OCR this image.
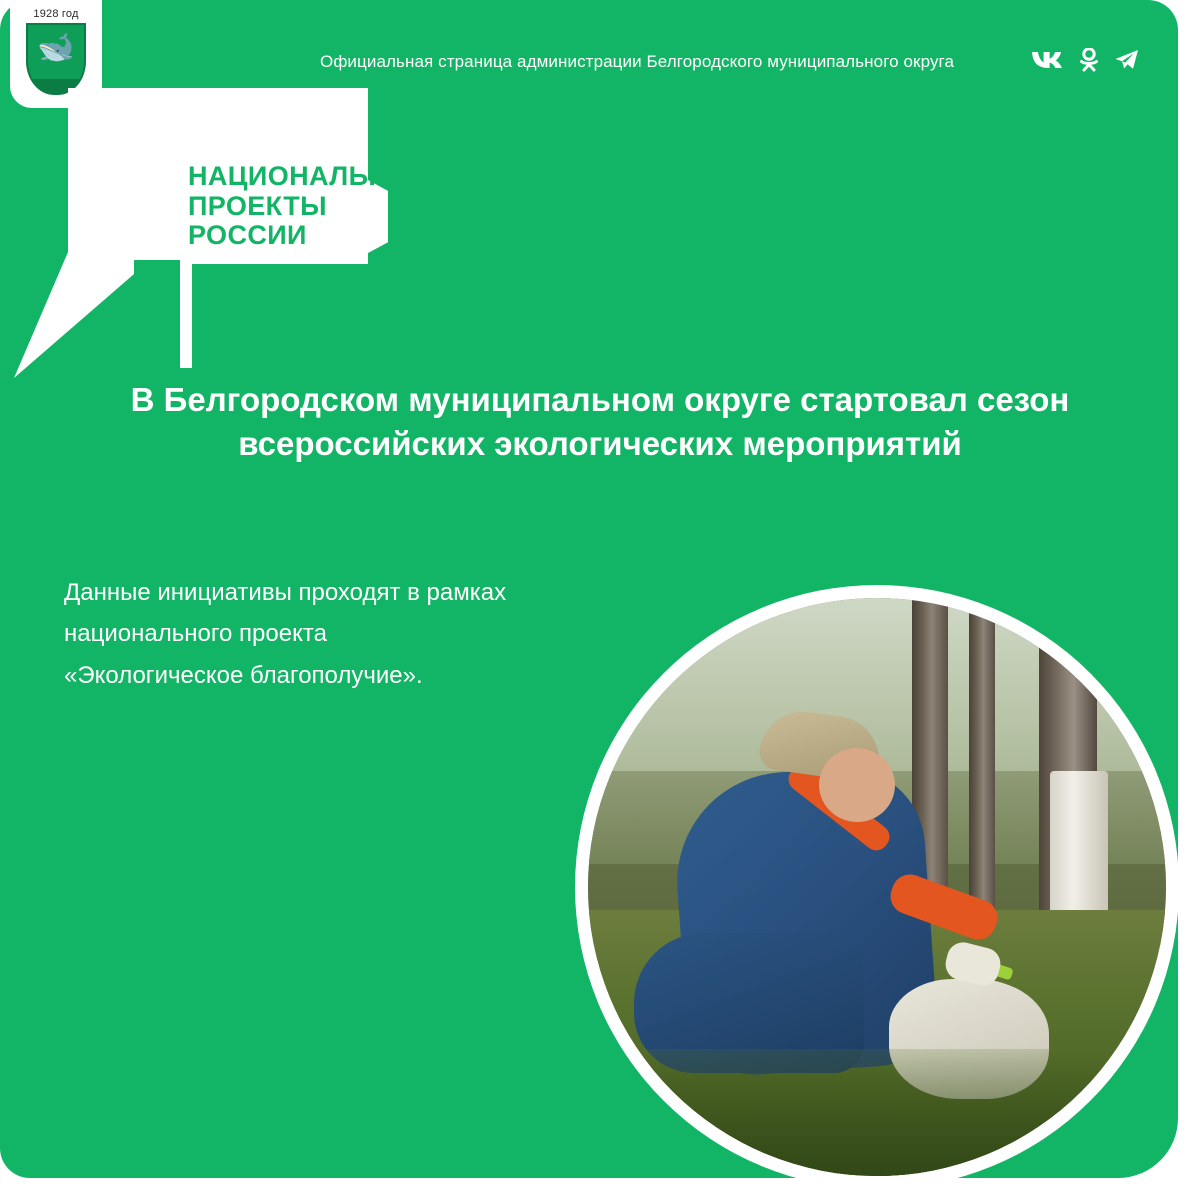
1928 год
🐋	Официальная страница администрации Белгородского муниципального округа
ЭКОЛОГИЧЕСКОЕ
БЛАГОПОЛУЧИЕ
НАЦИОНАЛЬНЫЕ
ПРОЕКТЫ
РОССИИ
В Белгородском муниципальном округе стартовал сезон всероссийских экологических мероприятий
Данные инициативы проходят в рамках
национального проекта
«Экологическое благополучие».
